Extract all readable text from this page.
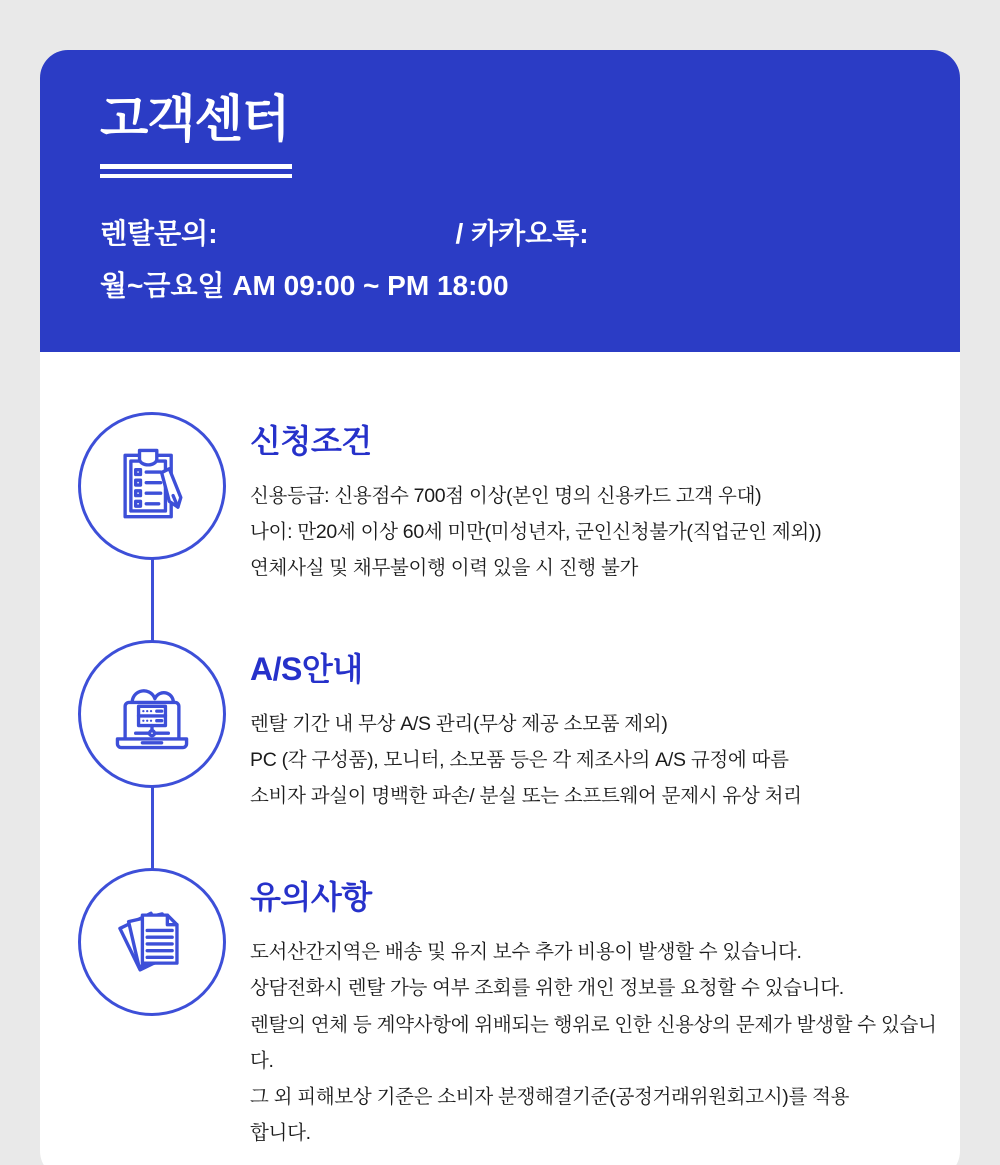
고객센터
렌탈문의:	/ 카카오톡:
월~금요일 AM 09:00 ~ PM 18:00
신청조건

신용등급: 신용점수 700점 이상(본인 명의 신용카드 고객 우대)

나이: 만20세 이상 60세 미만(미성년자, 군인신청불가(직업군인 제외))

연체사실 및 채무불이행 이력 있을 시 진행 불가

A/S안내

렌탈 기간 내 무상 A/S 관리(무상 제공 소모품 제외)

PC (각 구성품), 모니터, 소모품 등은 각 제조사의 A/S 규정에 따름

소비자 과실이 명백한 파손/ 분실 또는 소프트웨어 문제시 유상 처리

유의사항

도서산간지역은 배송 및 유지 보수 추가 비용이 발생할 수 있습니다.

상담전화시 렌탈 가능 여부 조회를 위한 개인 정보를 요청할 수 있습니다.

렌탈의 연체 등 계약사항에 위배되는 행위로 인한 신용상의 문제가 발생할 수 있습니다.

그 외 피해보상 기준은 소비자 분쟁해결기준(공정거래위원회고시)를 적용합니다.
